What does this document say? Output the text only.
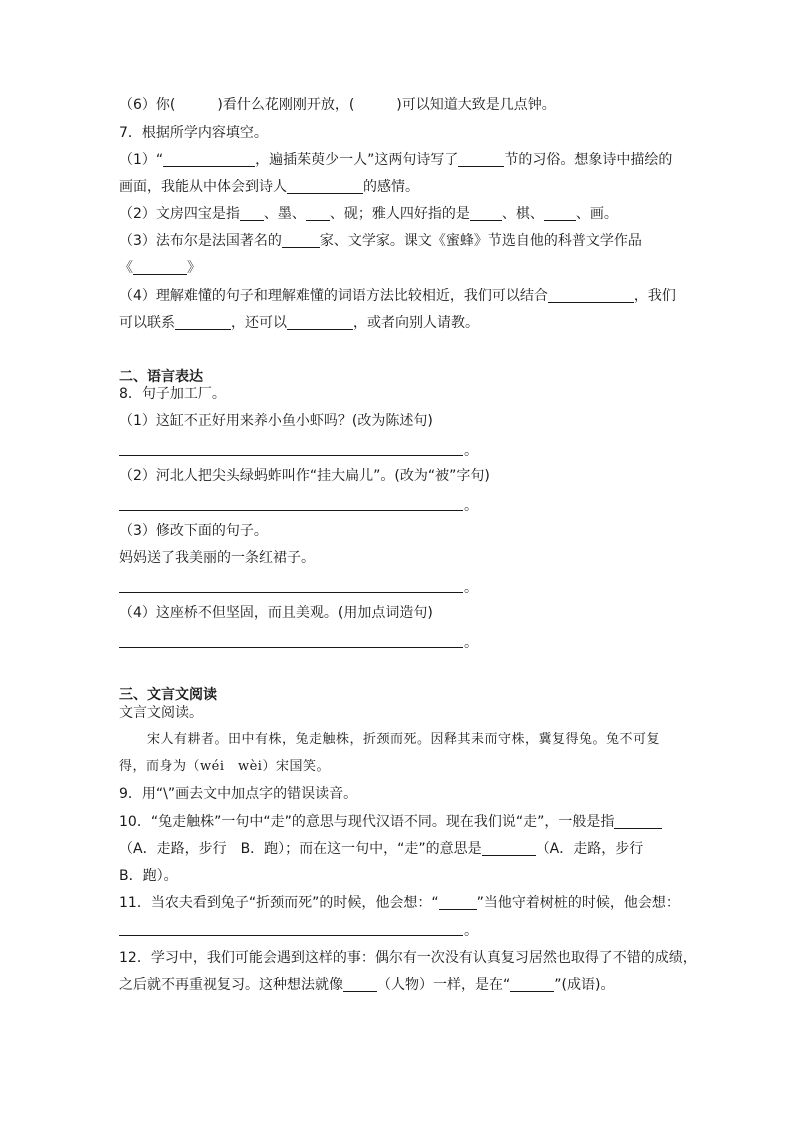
（6）你(　　　)看什么花刚刚开放，(　　　)可以知道大致是几点钟。
7．根据所学内容填空。
（1）“	，遍插茱萸少一人”这两句诗写了	节的习俗。想象诗中描绘的
画面，我能从中体会到诗人	的感情。
（2）文房四宝是指 、墨、 、砚；雅人四好指的是 、棋、 、画。
（3）法布尔是法国著名的	家、文学家。课文《蜜蜂》节选自他的科普文学作品
《	》
（4）理解难懂的句子和理解难懂的词语方法比较相近，我们可以结合	，我们
可以联系	，还可以	，或者向别人请教。
二、语言表达
8．句子加工厂。
（1）这缸不正好用来养小鱼小虾吗？(改为陈述句)
。
（2）河北人把尖头绿蚂蚱叫作“挂大扁儿”。(改为“被”字句)
。
（3）修改下面的句子。
妈妈送了我美丽的一条红裙子。
。
（4）这座桥不但坚固，而且美观。(用加点词造句)
。
三、文言文阅读
文言文阅读。
宋人有耕者。田中有株，兔走触株，折颈而死。因释其耒而守株，冀复得兔。兔不可复
得，而身为（wéi　wèi）宋国笑。
9．用“\”画去文中加点字的错误读音。
10．“兔走触株”一句中“走”的意思与现代汉语不同。现在我们说“走”，一般是指
（A．走路，步行　B．跑）；而在这一句中，“走”的意思是	（A．走路，步行
B．跑）。
11．当农夫看到兔子“折颈而死”的时候，他会想：“	”当他守着树桩的时候，他会想：
。
12．学习中，我们可能会遇到这样的事：偶尔有一次没有认真复习居然也取得了不错的成绩，
之后就不再重视复习。这种想法就像 （人物）一样，是在“	”(成语)。
